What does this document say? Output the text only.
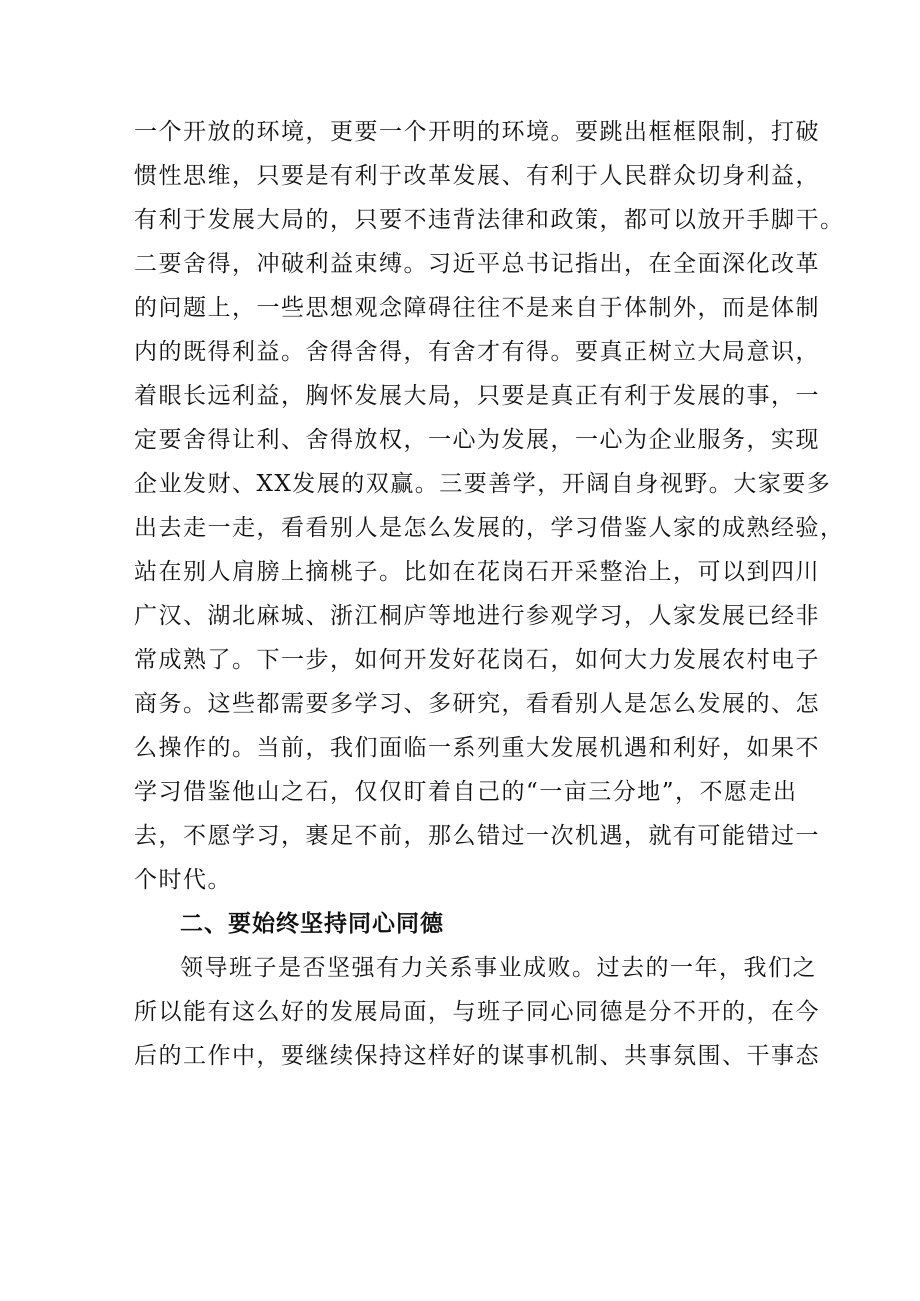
一个开放的环境，更要一个开明的环境。要跳出框框限制，打破
惯性思维，只要是有利于改革发展、有利于人民群众切身利益，
有利于发展大局的，只要不违背法律和政策，都可以放开手脚干。
二要舍得，冲破利益束缚。习近平总书记指出，在全面深化改革
的问题上，一些思想观念障碍往往不是来自于体制外，而是体制
内的既得利益。舍得舍得，有舍才有得。要真正树立大局意识，
着眼长远利益，胸怀发展大局，只要是真正有利于发展的事，一
定要舍得让利、舍得放权，一心为发展，一心为企业服务，实现
企业发财、XX发展的双赢。三要善学，开阔自身视野。大家要多
出去走一走，看看别人是怎么发展的，学习借鉴人家的成熟经验，
站在别人肩膀上摘桃子。比如在花岗石开采整治上，可以到四川
广汉、湖北麻城、浙江桐庐等地进行参观学习，人家发展已经非
常成熟了。下一步，如何开发好花岗石，如何大力发展农村电子
商务。这些都需要多学习、多研究，看看别人是怎么发展的、怎
么操作的。当前，我们面临一系列重大发展机遇和利好，如果不
学习借鉴他山之石，仅仅盯着自己的“一亩三分地”，不愿走出
去，不愿学习，裹足不前，那么错过一次机遇，就有可能错过一
个时代。
二、要始终坚持同心同德
领导班子是否坚强有力关系事业成败。过去的一年，我们之
所以能有这么好的发展局面，与班子同心同德是分不开的，在今
后的工作中，要继续保持这样好的谋事机制、共事氛围、干事态
